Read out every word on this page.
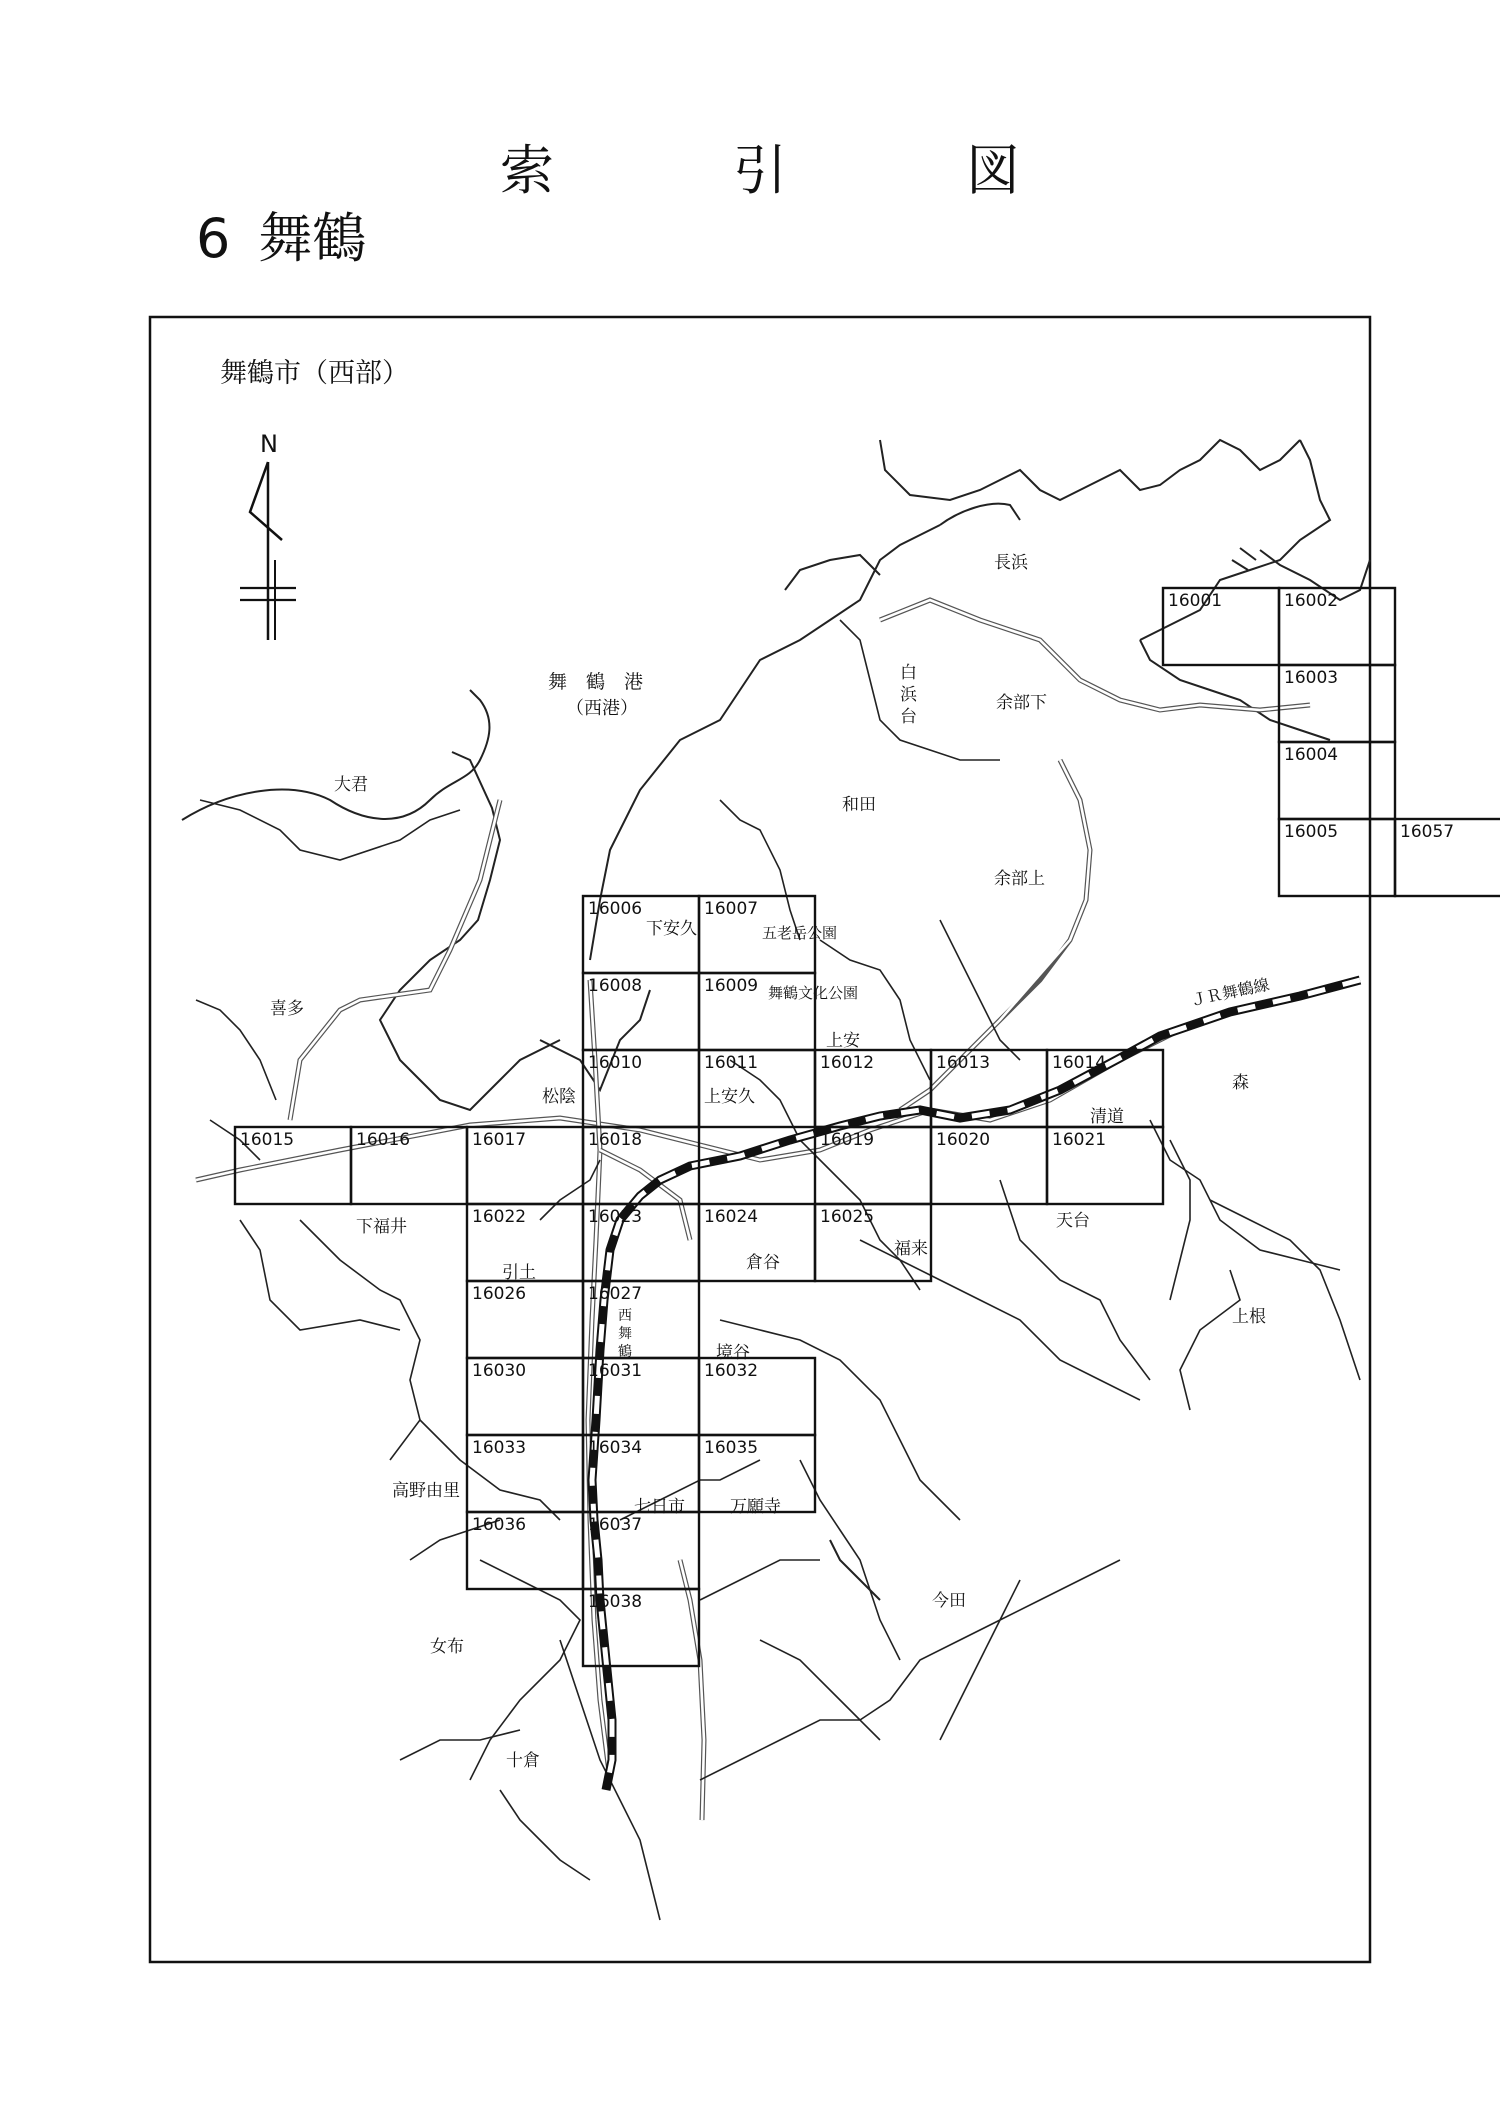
索	引	図
6 舞鶴
舞鶴市（西部）
N
ＪＲ舞鶴線
16001	16002
16003
16004
16005	16057
16006	16007
16008	16009
16010	16011	16012	16013	16014
16015	16016	16017	16018	16019	16020	16021
16022	16023	16024	16025
16026	16027
16030	16031	16032
16033	16034	16035
16036	16037
16038
舞　鶴　港
（西港）
五老岳公園
舞鶴文化公園
長浜
白
浜
台
余部下
大君
和田
余部上
下安久
喜多
上安
松陰	上安久
森
清道
下福井	天台
引土	倉谷
福来
西
舞
鶴	境谷
上根
高野由里
七日市	万願寺
今田
女布
十倉
